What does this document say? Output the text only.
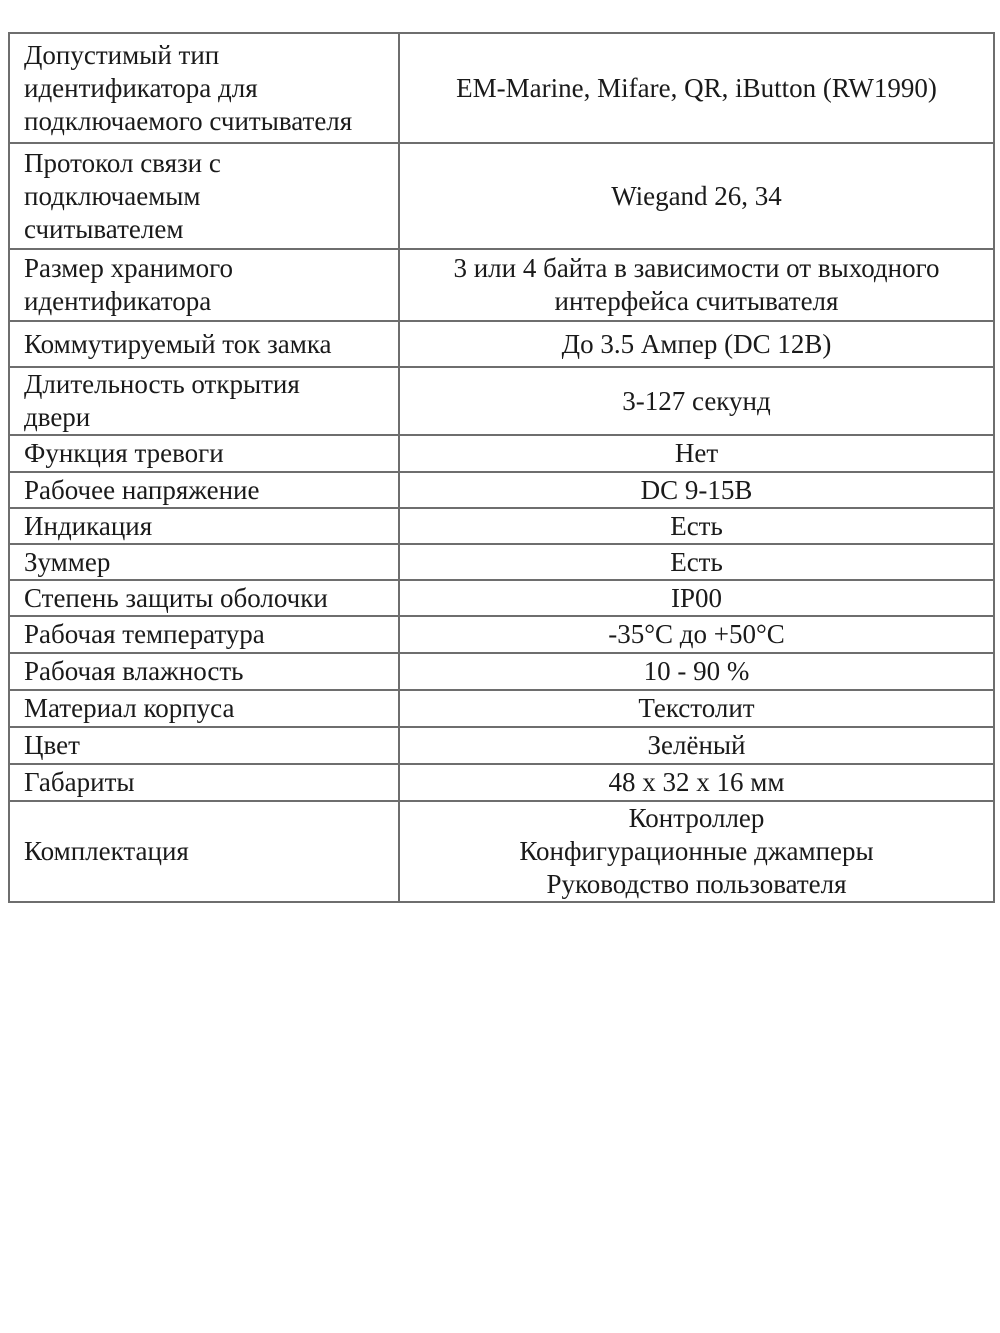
Допустимый тип
идентификатора для
подключаемого считывателя	EM-Marine, Mifare, QR, iButton (RW1990)

Протокол связи с
подключаемым
считывателем	Wiegand 26, 34

Размер хранимого
идентификатора	3 или 4 байта в зависимости от выходного
интерфейса считывателя

Коммутируемый ток замка	До 3.5 Ампер (DC 12В)

Длительность открытия
двери	3-127 секунд

Функция тревоги	Нет

Рабочее напряжение	DC 9-15В

Индикация	Есть

Зуммер	Есть

Степень защиты оболочки	IP00

Рабочая температура	-35°C до +50°C

Рабочая влажность	10 - 90 %

Материал корпуса	Текстолит

Цвет	Зелёный

Габариты	48 x 32 x 16 мм

Комплектация	Контроллер
Конфигурационные джамперы
Руководство пользователя
